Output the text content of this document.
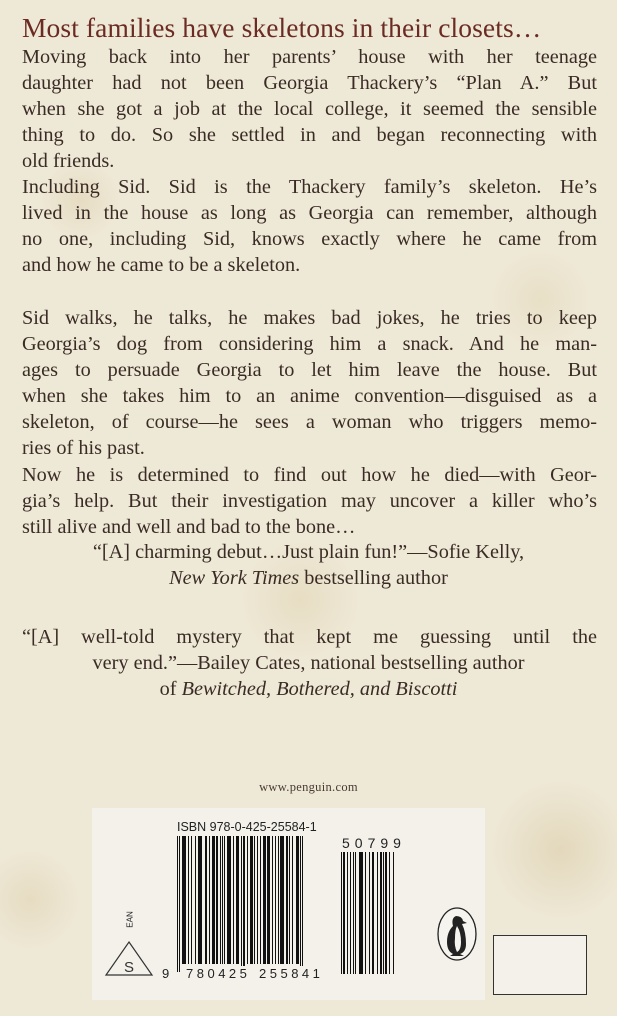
Most families have skeletons in their closets…
Moving back into her parents’ house with her teenage
daughter had not been Georgia Thackery’s “Plan A.” But
when she got a job at the local college, it seemed the sensible
thing to do. So she settled in and began reconnecting with
old friends.
Including Sid. Sid is the Thackery family’s skeleton. He’s
lived in the house as long as Georgia can remember, although
no one, including Sid, knows exactly where he came from
and how he came to be a skeleton.
Sid walks, he talks, he makes bad jokes, he tries to keep
Georgia’s dog from considering him a snack. And he man-
ages to persuade Georgia to let him leave the house. But
when she takes him to an anime convention—disguised as a
skeleton, of course—he sees a woman who triggers memo-
ries of his past.
Now he is determined to find out how he died—with Geor-
gia’s help. But their investigation may uncover a killer who’s
still alive and well and bad to the bone…
“[A] charming debut…Just plain fun!”—Sofie Kelly,
New York Times bestselling author
“[A] well-told mystery that kept me guessing until the
very end.”—Bailey Cates, national bestselling author
of Bewitched, Bothered, and Biscotti
www.penguin.com
ISBN 978-0-425-25584-1
50799
9 780425 255841
EAN
S
